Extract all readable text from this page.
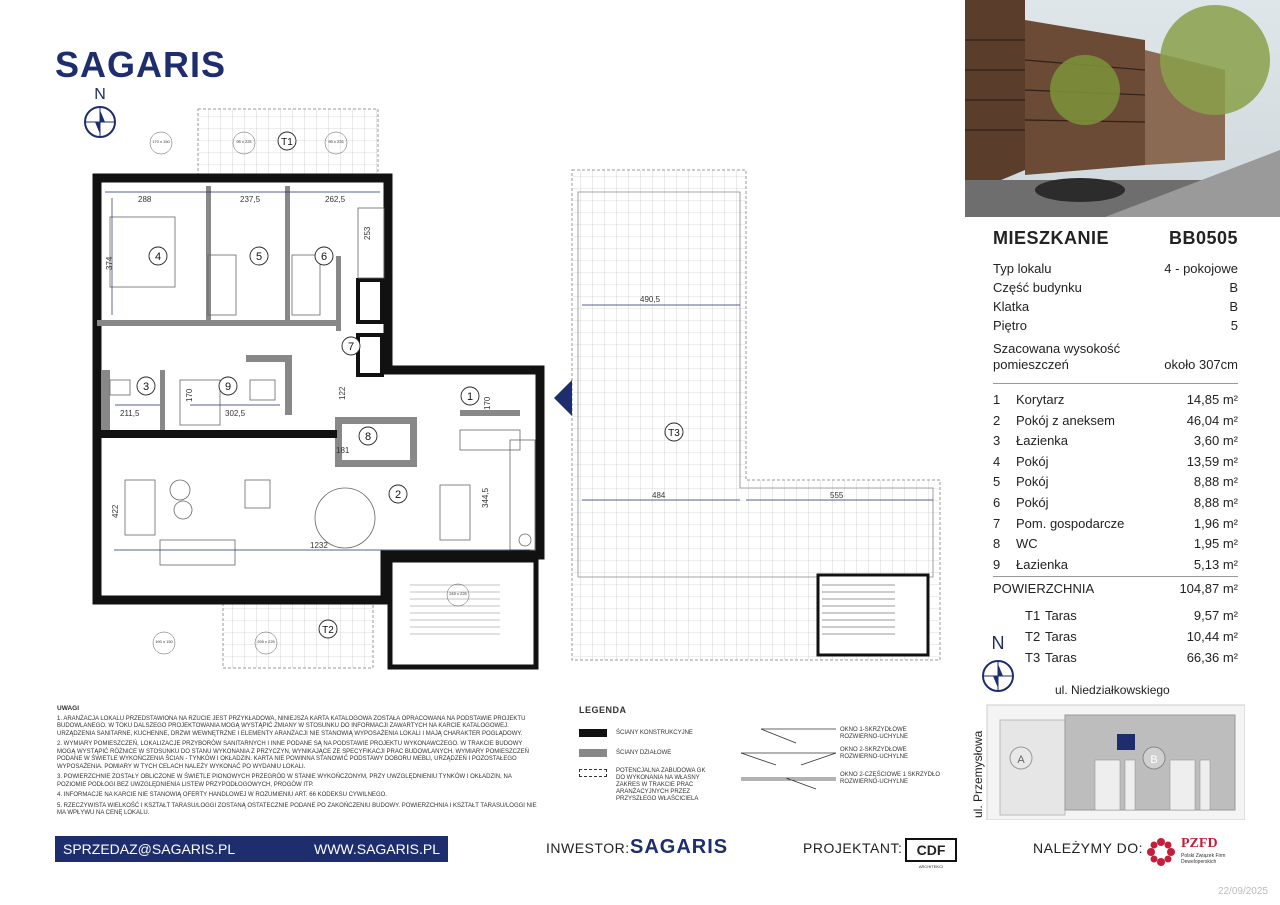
SAGARIS
N
288	237,5	262,5
374
253
490,5
484	555
170
122
181
211,5	302,5
170
422
344,5
1232
170 x 150	95 x 225	95 x 225
190 x 150	295 x 225
245 x 225
1
2
3
4	5	6
7
8
9
T1
T2
T3
MIESZKANIE	BB0505
Typ lokalu	4 - pokojowe
Część budynku	B
Klatka	B
Piętro	5
Szacowana wysokość
pomieszczeń	około 307cm
1	Korytarz	14,85 m²
2	Pokój z aneksem	46,04 m²
3	Łazienka	3,60 m²
4	Pokój	13,59 m²
5	Pokój	8,88 m²
6	Pokój	8,88 m²
7	Pom. gospodarcze	1,96 m²
8	WC	1,95 m²
9	Łazienka	5,13 m²
POWIERZCHNIA	104,87 m²
T1 Taras	9,57 m²
T2 Taras	10,44 m²
T3 Taras	66,36 m²
N
ul. Niedziałkowskiego
ul. Przemysłowa	A	B
UWAGI

1. ARANŻACJA LOKALU PRZEDSTAWIONA NA RZUCIE JEST PRZYKŁADOWA, NINIEJSZA KARTA KATALOGOWA ZOSTAŁA OPRACOWANA NA PODSTAWIE PROJEKTU BUDOWLANEGO. W TOKU DALSZEGO PROJEKTOWANIA MOGĄ WYSTĄPIĆ ZMIANY W STOSUNKU DO INFORMACJI ZAWARTYCH NA KARCIE KATALOGOWEJ. URZĄDZENIA SANITARNE, KUCHENNE, DRZWI WEWNĘTRZNE I ELEMENTY ARANŻACJI NIE STANOWIĄ WYPOSAŻENIA LOKALI I MAJĄ CHARAKTER POGLĄDOWY.

2. WYMIARY POMIESZCZEŃ, LOKALIZACJE PRZYBORÓW SANITARNYCH I INNE PODANE SĄ NA PODSTAWIE PROJEKTU WYKONAWCZEGO. W TRAKCIE BUDOWY MOGĄ WYSTĄPIĆ RÓŻNICE W STOSUNKU DO STANU WYKONANIA Z PRZYCZYN, WYNIKAJĄCE ZE SPECYFIKACJI PRAC BUDOWLANYCH. WYMIARY POMIESZCZEŃ PODANE W ŚWIETLE WYKOŃCZENIA ŚCIAN - TYNKÓW I OKŁADZIN. KARTA NIE POWINNA STANOWIĆ PODSTAWY DOBORU MEBLI, URZĄDZEŃ I POZOSTAŁEGO WYPOSAŻENIA. POMIARY W TYCH CELACH NALEŻY WYKONAĆ PO WYDANIU LOKALI.

3. POWIERZCHNIE ZOSTAŁY OBLICZONE W ŚWIETLE PIONOWYCH PRZEGRÓD W STANIE WYKOŃCZONYM, PRZY UWZGLĘDNIENIU TYNKÓW I OKŁADZIN, NA POZIOMIE PODŁOGI BEZ UWZGLĘDNIENIA LISTEW PRZYPODŁOGOWYCH, PROGÓW ITP.

4. INFORMACJE NA KARCIE NIE STANOWIĄ OFERTY HANDLOWEJ W ROZUMIENIU ART. 66 KODEKSU CYWILNEGO.

5. RZECZYWISTA WIELKOŚĆ I KSZTAŁT TARASU/LOGGI ZOSTANĄ OSTATECZNIE PODANE PO ZAKOŃCZENIU BUDOWY. POWIERZCHNIA I KSZTAŁT TARASU/LOGGI NIE MA WPŁYWU NA CENĘ LOKALU.

LEGENDA
ŚCIANY KONSTRUKCYJNE
ŚCIANY DZIAŁOWE
POTENCJALNA ZABUDOWA GK DO WYKONANIA NA WŁASNY ZAKRES W TRAKCIE PRAC ARANŻACYJNYCH PRZEZ PRZYSZŁEGO WŁAŚCICIELA
OKNO 1-SKRZYDŁOWE ROZWIERNO-UCHYLNE
OKNO 2-SKRZYDŁOWE ROZWIERNO-UCHYLNE
OKNO 2-CZĘŚCIOWE 1 SKRZYDŁO ROZWIERNO-UCHYLNE
SPRZEDAZ@SAGARIS.PL	WWW.SAGARIS.PL	INWESTOR: SAGARIS	PROJEKTANT:	CDF
ARCHITEKCI
NALEŻYMY DO:	PZFD
Polski Związek Firm Deweloperskich
22/09/2025
